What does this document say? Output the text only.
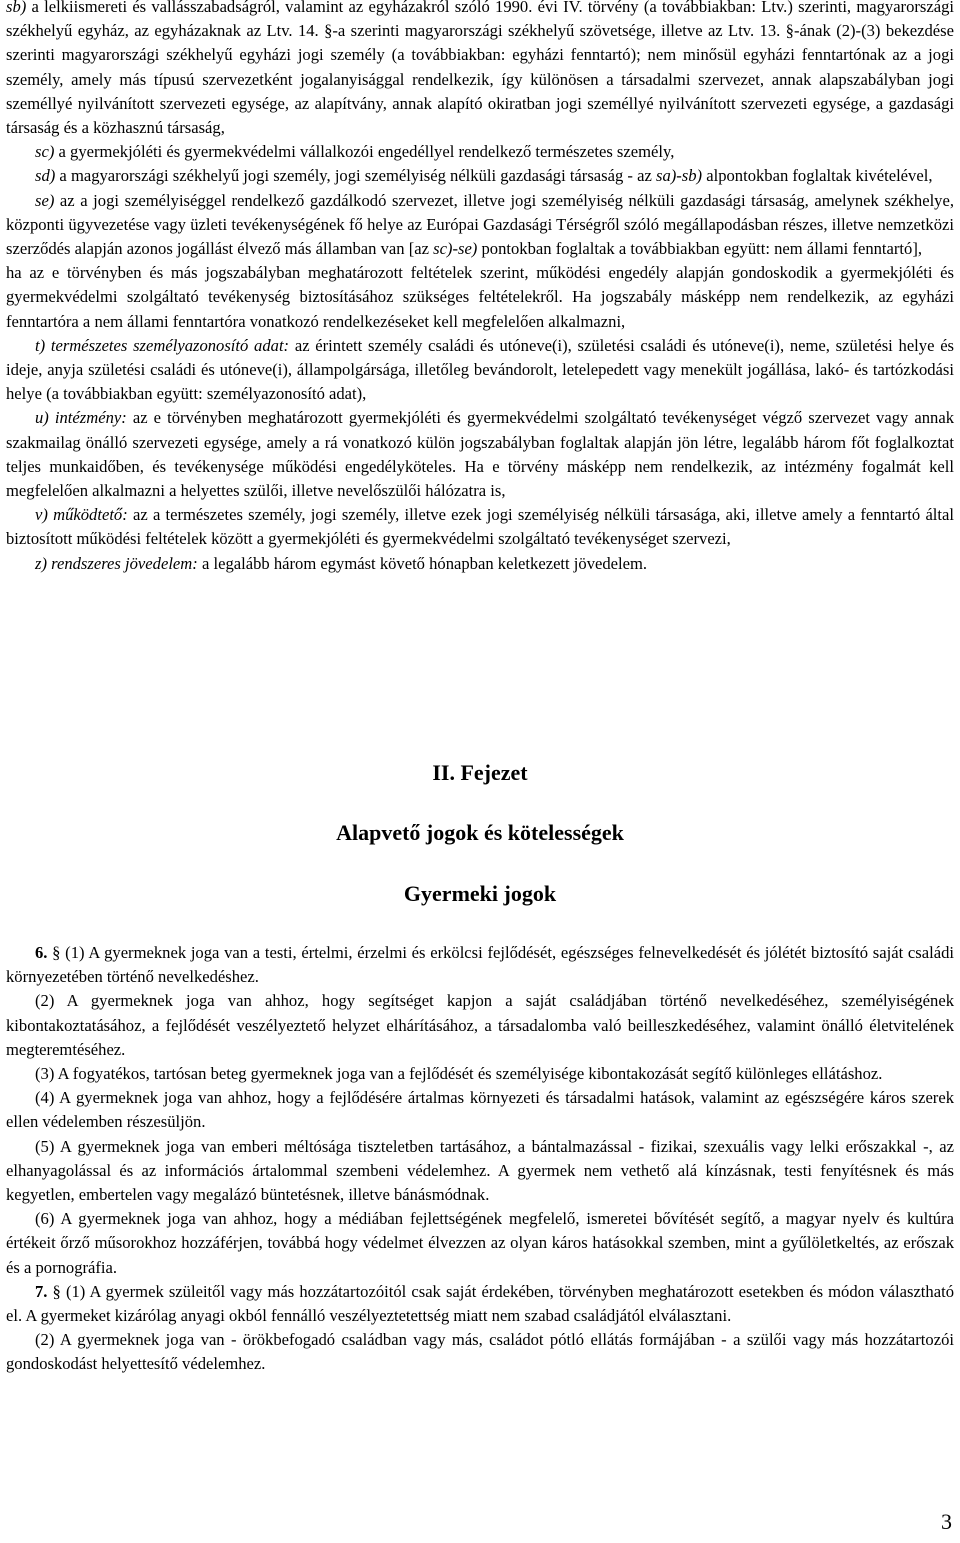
sb) a lelkiismereti és vallásszabadságról, valamint az egyházakról szóló 1990. évi IV. törvény (a továbbiakban: Ltv.) szerinti, magyarországi székhelyű egyház, az egyházaknak az Ltv. 14. §-a szerinti magyarországi székhelyű szövetsége, illetve az Ltv. 13. §-ának (2)-(3) bekezdése szerinti magyarországi székhelyű egyházi jogi személy (a továbbiakban: egyházi fenntartó); nem minősül egyházi fenntartónak az a jogi személy, amely más típusú szervezetként jogalanyisággal rendelkezik, így különösen a társadalmi szervezet, annak alapszabályban jogi személlyé nyilvánított szervezeti egysége, az alapítvány, annak alapító okiratban jogi személlyé nyilvánított szervezeti egysége, a gazdasági társaság és a közhasznú társaság,

sc) a gyermekjóléti és gyermekvédelmi vállalkozói engedéllyel rendelkező természetes személy,

sd) a magyarországi székhelyű jogi személy, jogi személyiség nélküli gazdasági társaság - az sa)-sb) alpontokban foglaltak kivételével,

se) az a jogi személyiséggel rendelkező gazdálkodó szervezet, illetve jogi személyiség nélküli gazdasági társaság, amelynek székhelye, központi ügyvezetése vagy üzleti tevékenységének fő helye az Európai Gazdasági Térségről szóló megállapodásban részes, illetve nemzetközi szerződés alapján azonos jogállást élvező más államban van [az sc)-se) pontokban foglaltak a továbbiakban együtt: nem állami fenntartó],

ha az e törvényben és más jogszabályban meghatározott feltételek szerint, működési engedély alapján gondoskodik a gyermekjóléti és gyermekvédelmi szolgáltató tevékenység biztosításához szükséges feltételekről. Ha jogszabály másképp nem rendelkezik, az egyházi fenntartóra a nem állami fenntartóra vonatkozó rendelkezéseket kell megfelelően alkalmazni,

t) természetes személyazonosító adat: az érintett személy családi és utóneve(i), születési családi és utóneve(i), neme, születési helye és ideje, anyja születési családi és utóneve(i), állampolgársága, illetőleg bevándorolt, letelepedett vagy menekült jogállása, lakó- és tartózkodási helye (a továbbiakban együtt: személyazonosító adat),

u) intézmény: az e törvényben meghatározott gyermekjóléti és gyermekvédelmi szolgáltató tevékenységet végző szervezet vagy annak szakmailag önálló szervezeti egysége, amely a rá vonatkozó külön jogszabályban foglaltak alapján jön létre, legalább három főt foglalkoztat teljes munkaidőben, és tevékenysége működési engedélyköteles. Ha e törvény másképp nem rendelkezik, az intézmény fogalmát kell megfelelően alkalmazni a helyettes szülői, illetve nevelőszülői hálózatra is,

v) működtető: az a természetes személy, jogi személy, illetve ezek jogi személyiség nélküli társasága, aki, illetve amely a fenntartó által biztosított működési feltételek között a gyermekjóléti és gyermekvédelmi szolgáltató tevékenységet szervezi,

z) rendszeres jövedelem: a legalább három egymást követő hónapban keletkezett jövedelem.

II. Fejezet
Alapvető jogok és kötelességek
Gyermeki jogok

6. § (1) A gyermeknek joga van a testi, értelmi, érzelmi és erkölcsi fejlődését, egészséges felnevelkedését és jólétét biztosító saját családi környezetében történő nevelkedéshez.

(2) A gyermeknek joga van ahhoz, hogy segítséget kapjon a saját családjában történő nevelkedéséhez, személyiségének kibontakoztatásához, a fejlődését veszélyeztető helyzet elhárításához, a társadalomba való beilleszkedéséhez, valamint önálló életvitelének megteremtéséhez.

(3) A fogyatékos, tartósan beteg gyermeknek joga van a fejlődését és személyisége kibontakozását segítő különleges ellátáshoz.

(4) A gyermeknek joga van ahhoz, hogy a fejlődésére ártalmas környezeti és társadalmi hatások, valamint az egészségére káros szerek ellen védelemben részesüljön.

(5) A gyermeknek joga van emberi méltósága tiszteletben tartásához, a bántalmazással - fizikai, szexuális vagy lelki erőszakkal -, az elhanyagolással és az információs ártalommal szembeni védelemhez. A gyermek nem vethető alá kínzásnak, testi fenyítésnek és más kegyetlen, embertelen vagy megalázó büntetésnek, illetve bánásmódnak.

(6) A gyermeknek joga van ahhoz, hogy a médiában fejlettségének megfelelő, ismeretei bővítését segítő, a magyar nyelv és kultúra értékeit őrző műsorokhoz hozzáférjen, továbbá hogy védelmet élvezzen az olyan káros hatásokkal szemben, mint a gyűlöletkeltés, az erőszak és a pornográfia.

7. § (1) A gyermek szüleitől vagy más hozzátartozóitól csak saját érdekében, törvényben meghatározott esetekben és módon választható el. A gyermeket kizárólag anyagi okból fennálló veszélyeztetettség miatt nem szabad családjától elválasztani.

(2) A gyermeknek joga van - örökbefogadó családban vagy más, családot pótló ellátás formájában - a szülői vagy más hozzátartozói gondoskodást helyettesítő védelemhez.

3
